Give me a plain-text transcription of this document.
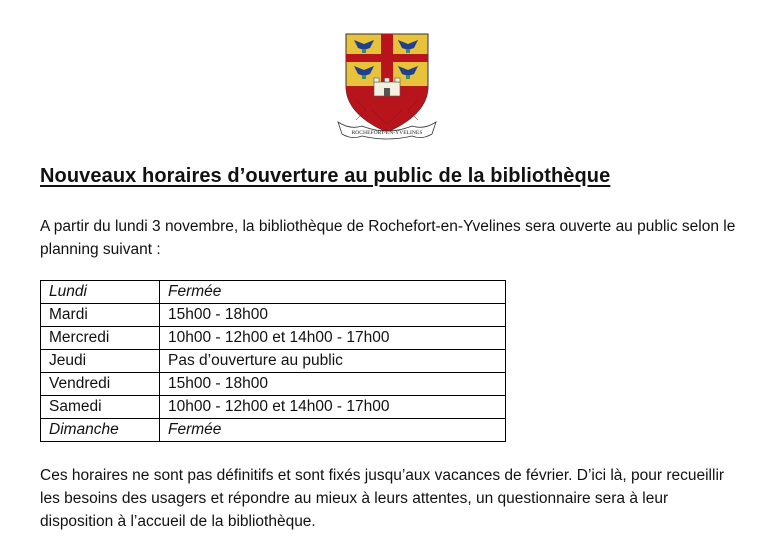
ROCHEFORT-EN-YVELINES
Nouveaux horaires d’ouverture au public de la bibliothèque
A partir du lundi 3 novembre, la bibliothèque de Rochefort-en-Yvelines sera ouverte au public selon le planning suivant :
Lundi	Fermée
Mardi	15h00 - 18h00
Mercredi	10h00 - 12h00 et 14h00 - 17h00
Jeudi	Pas d’ouverture au public
Vendredi	15h00 - 18h00
Samedi	10h00 - 12h00 et 14h00 - 17h00
Dimanche	Fermée
Ces horaires ne sont pas définitifs et sont fixés jusqu’aux vacances de février. D’ici là, pour recueillir les besoins des usagers et répondre au mieux à leurs attentes, un questionnaire sera à leur disposition à l’accueil de la bibliothèque.
